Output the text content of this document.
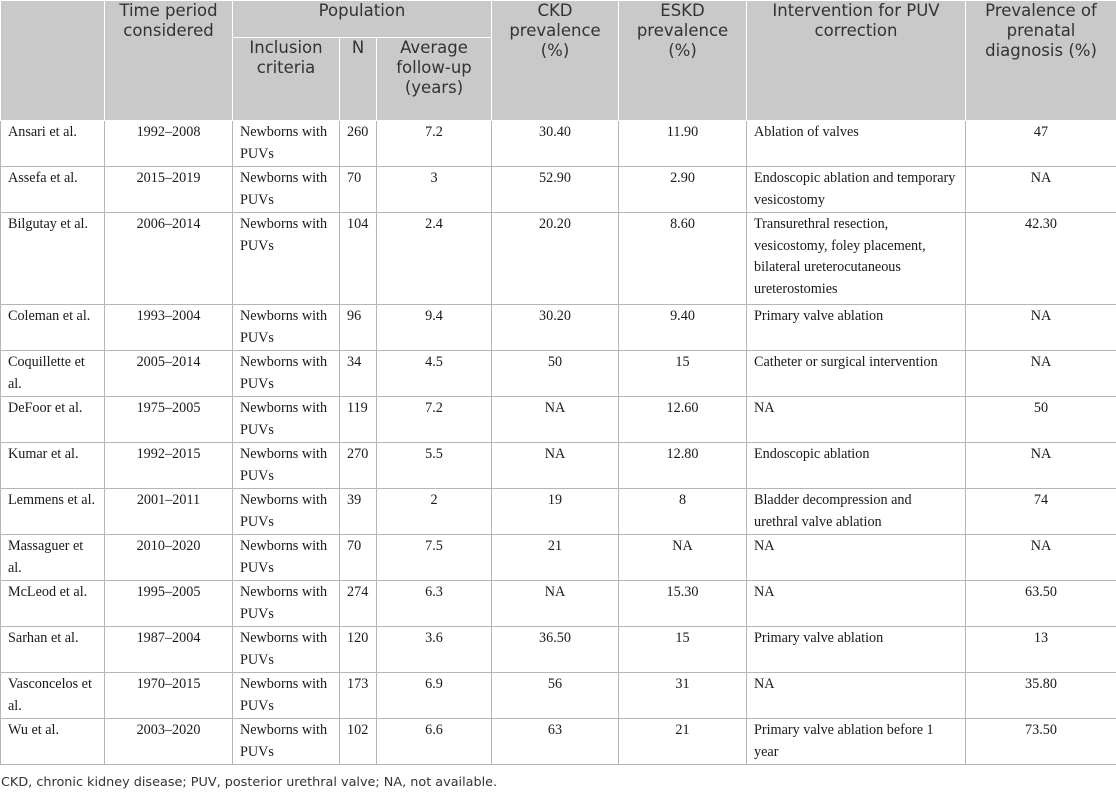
	Time period considered	Population			CKD prevalence (%)	ESKD prevalence (%)	Intervention for PUV correction	Prevalence of prenatal diagnosis (%)
		Inclusion criteria	N	Average follow-up (years)				
Ansari et al.	1992–2008	Newborns with PUVs	260	7.2	30.40	11.90	Ablation of valves	47
Assefa et al.	2015–2019	Newborns with PUVs	70	3	52.90	2.90	Endoscopic ablation and temporary vesicostomy	NA
Bilgutay et al.	2006–2014	Newborns with PUVs	104	2.4	20.20	8.60	Transurethral resection, vesicostomy, foley placement, bilateral ureterocutaneous ureterostomies	42.30
Coleman et al.	1993–2004	Newborns with PUVs	96	9.4	30.20	9.40	Primary valve ablation	NA
Coquillette et al.	2005–2014	Newborns with PUVs	34	4.5	50	15	Catheter or surgical intervention	NA
DeFoor et al.	1975–2005	Newborns with PUVs	119	7.2	NA	12.60	NA	50
Kumar et al.	1992–2015	Newborns with PUVs	270	5.5	NA	12.80	Endoscopic ablation	NA
Lemmens et al.	2001–2011	Newborns with PUVs	39	2	19	8	Bladder decompression and urethral valve ablation	74
Massaguer et al.	2010–2020	Newborns with PUVs	70	7.5	21	NA	NA	NA
McLeod et al.	1995–2005	Newborns with PUVs	274	6.3	NA	15.30	NA	63.50
Sarhan et al.	1987–2004	Newborns with PUVs	120	3.6	36.50	15	Primary valve ablation	13
Vasconcelos et al.	1970–2015	Newborns with PUVs	173	6.9	56	31	NA	35.80
Wu et al.	2003–2020	Newborns with PUVs	102	6.6	63	21	Primary valve ablation before 1 year	73.50
CKD, chronic kidney disease; PUV, posterior urethral valve; NA, not available.
